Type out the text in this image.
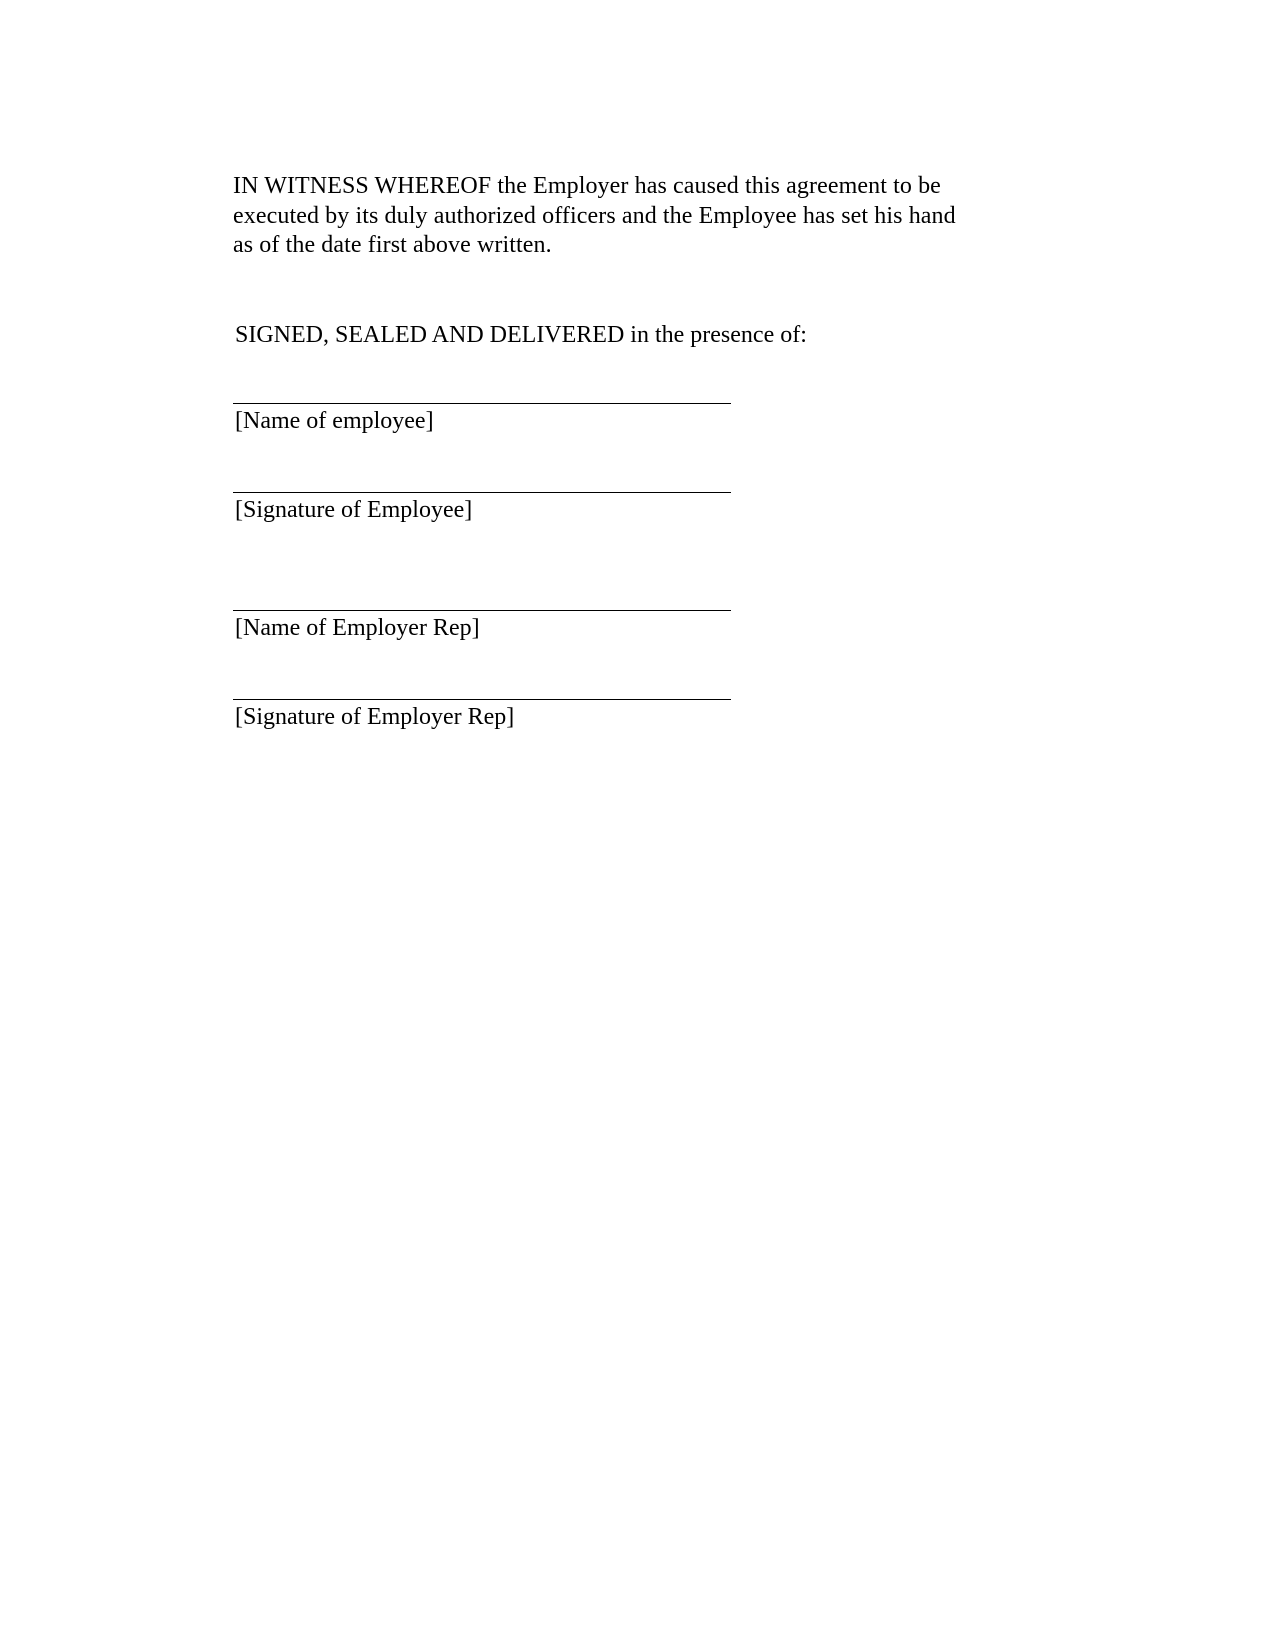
IN WITNESS WHEREOF the Employer has caused this agreement to be
executed by its duly authorized officers and the Employee has set his hand
as of the date first above written.

SIGNED, SEALED AND DELIVERED in the presence of:

[Name of employee]

[Signature of Employee]

[Name of Employer Rep]

[Signature of Employer Rep]
